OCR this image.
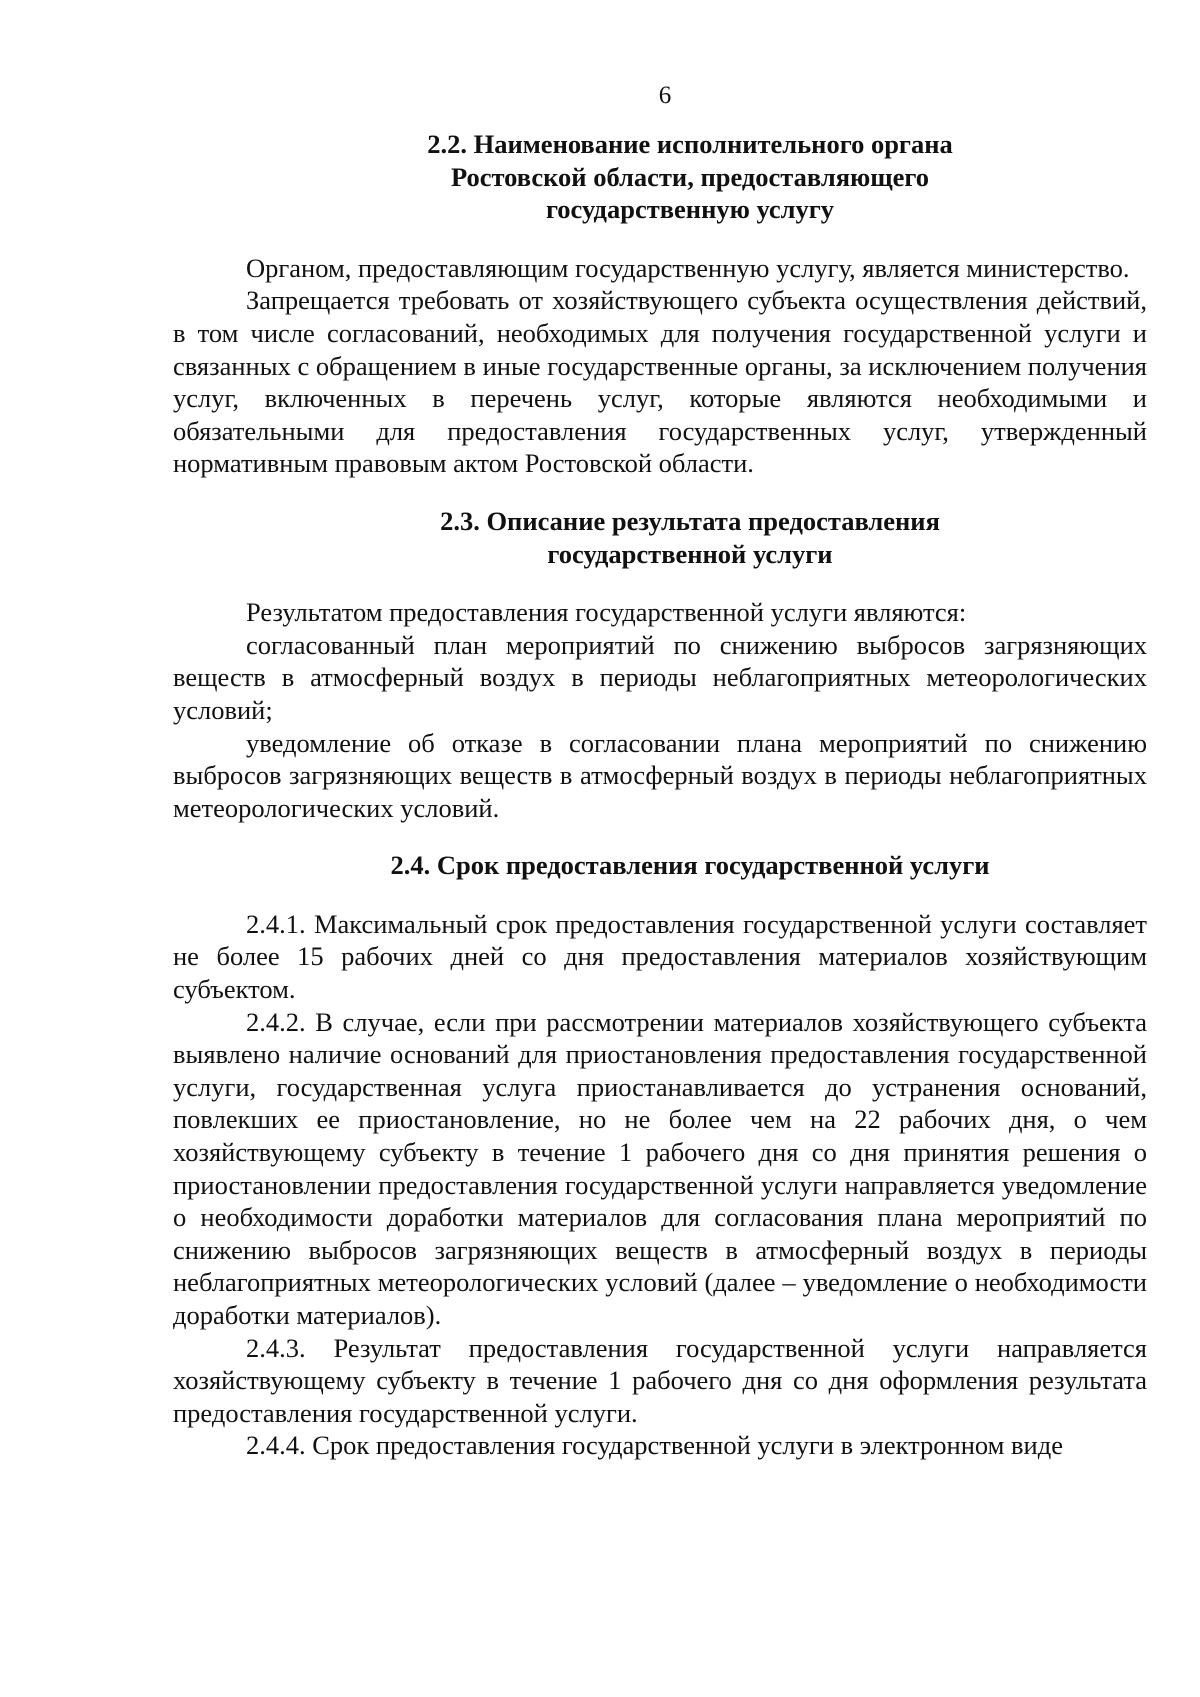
6
2.2. Наименование исполнительного органа
Ростовской области, предоставляющего
государственную услугу

Органом, предоставляющим государственную услугу, является министерство.

Запрещается требовать от хозяйствующего субъекта осуществления действий, в том числе согласований, необходимых для получения государственной услуги и связанных с обращением в иные государственные органы, за исключением получения услуг, включенных в перечень услуг, которые являются необходимыми и обязательными для предоставления государственных услуг, утвержденный нормативным правовым актом Ростовской области.

2.3. Описание результата предоставления
государственной услуги

Результатом предоставления государственной услуги являются:

согласованный план мероприятий по снижению выбросов загрязняющих веществ в атмосферный воздух в периоды неблагоприятных метеорологических условий;

уведомление об отказе в согласовании плана мероприятий по снижению выбросов загрязняющих веществ в атмосферный воздух в периоды неблагоприятных метеорологических условий.

2.4. Срок предоставления государственной услуги

2.4.1. Максимальный срок предоставления государственной услуги составляет не более 15 рабочих дней со дня предоставления материалов хозяйствующим субъектом.

2.4.2. В случае, если при рассмотрении материалов хозяйствующего субъекта выявлено наличие оснований для приостановления предоставления государственной услуги, государственная услуга приостанавливается до устранения оснований, повлекших ее приостановление, но не более чем на 22 рабочих дня, о чем хозяйствующему субъекту в течение 1 рабочего дня со дня принятия решения о приостановлении предоставления государственной услуги направляется уведомление о необходимости доработки материалов для согласования плана мероприятий по снижению выбросов загрязняющих веществ в атмосферный воздух в периоды неблагоприятных метеорологических условий (далее – уведомление о необходимости доработки материалов).

2.4.3. Результат предоставления государственной услуги направляется хозяйствующему субъекту в течение 1 рабочего дня со дня оформления результата предоставления государственной услуги.

2.4.4. Срок предоставления государственной услуги в электронном виде
